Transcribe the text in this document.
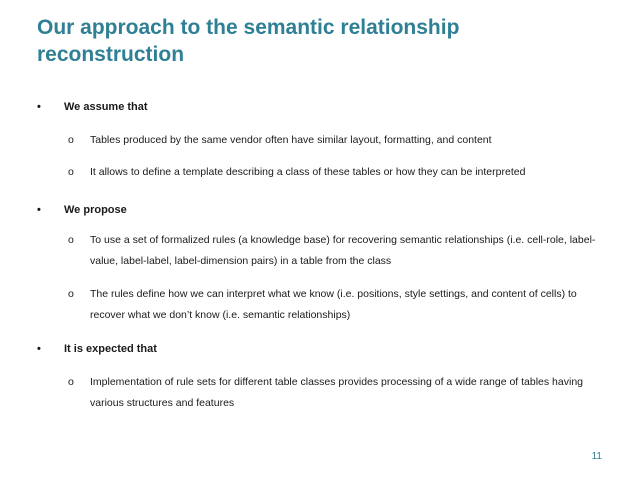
Our approach to the semantic relationship reconstruction
•	We assume that
o	Tables produced by the same vendor often have similar layout, formatting, and content
o	It allows to define a template describing a class of these tables or how they can be interpreted
•	We propose
o	To use a set of formalized rules (a knowledge base) for recovering semantic relationships (i.e. cell-role, label-value, label-label, label-dimension pairs) in a table from the class
o	The rules define how we can interpret what we know (i.e. positions, style settings, and content of cells) to recover what we don’t know (i.e. semantic relationships)
•	It is expected that
o	Implementation of rule sets for different table classes provides processing of a wide range of tables having various structures and features
11
